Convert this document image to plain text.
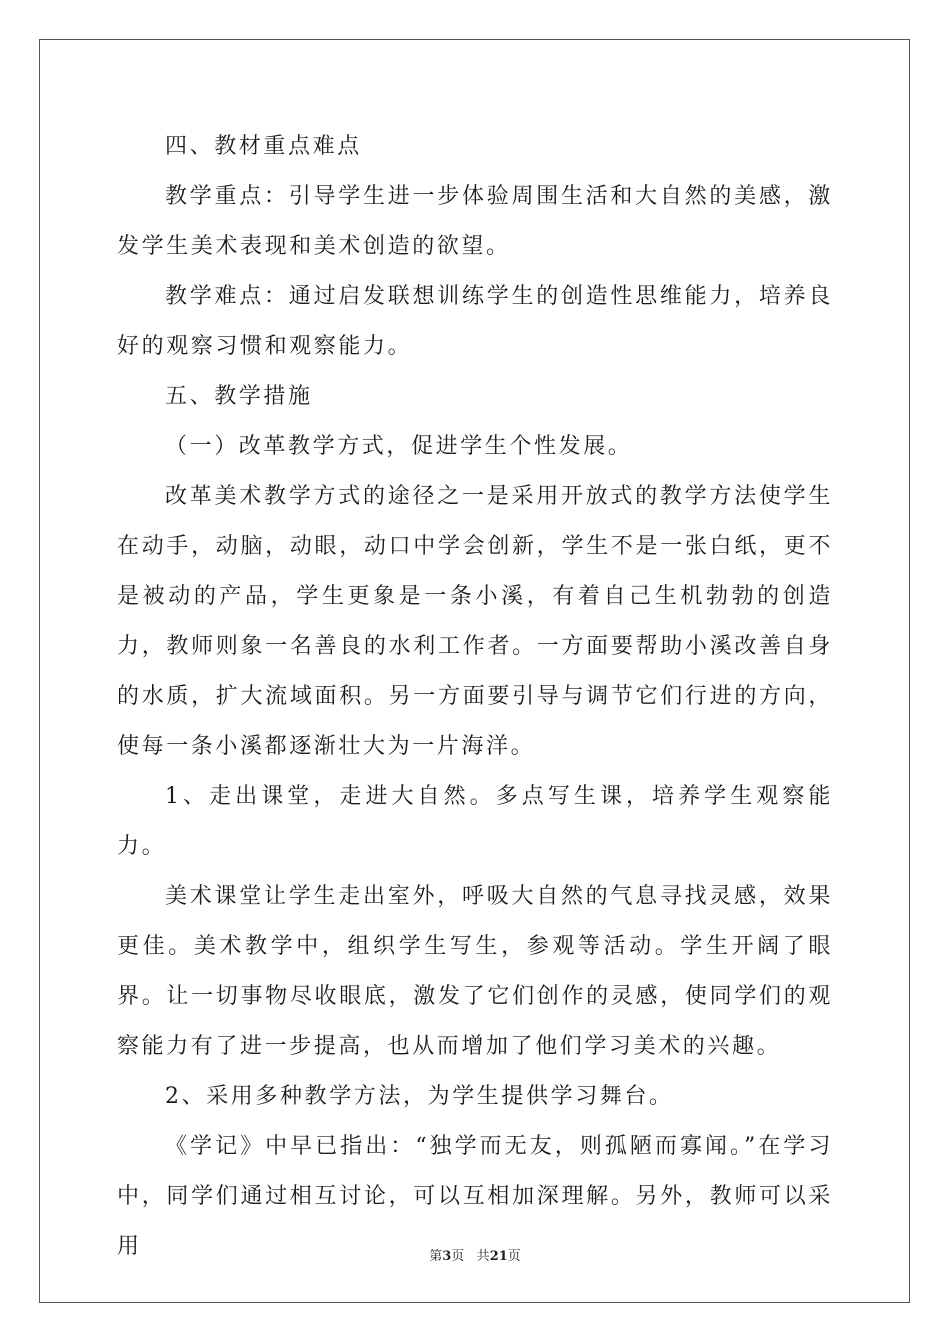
四、教材重点难点

教学重点：引导学生进一步体验周围生活和大自然的美感，激发学生美术表现和美术创造的欲望。

教学难点：通过启发联想训练学生的创造性思维能力，培养良好的观察习惯和观察能力。

五、教学措施

（一）改革教学方式，促进学生个性发展。

改革美术教学方式的途径之一是采用开放式的教学方法使学生在动手，动脑，动眼，动口中学会创新，学生不是一张白纸，更不是被动的产品，学生更象是一条小溪，有着自己生机勃勃的创造力，教师则象一名善良的水利工作者。一方面要帮助小溪改善自身的水质，扩大流域面积。另一方面要引导与调节它们行进的方向，使每一条小溪都逐渐壮大为一片海洋。

1、走出课堂，走进大自然。多点写生课，培养学生观察能力。

美术课堂让学生走出室外，呼吸大自然的气息寻找灵感，效果更佳。美术教学中，组织学生写生，参观等活动。学生开阔了眼界。让一切事物尽收眼底，激发了它们创作的灵感，使同学们的观察能力有了进一步提高，也从而增加了他们学习美术的兴趣。

2、采用多种教学方法，为学生提供学习舞台。

《学记》中早已指出：“独学而无友，则孤陋而寡闻。”在学习中，同学们通过相互讨论，可以互相加深理解。另外，教师可以采用	第3页 共21页
